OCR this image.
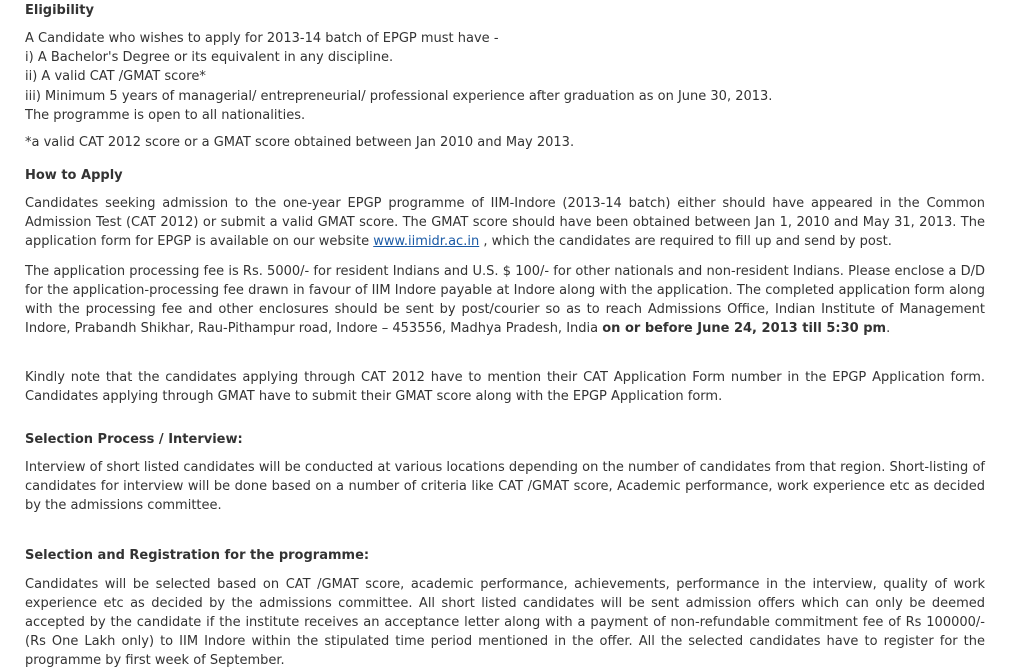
Eligibility
A Candidate who wishes to apply for 2013-14 batch of EPGP must have -
i) A Bachelor's Degree or its equivalent in any discipline.
ii) A valid CAT /GMAT score*
iii) Minimum 5 years of managerial/ entrepreneurial/ professional experience after graduation as on June 30, 2013.
The programme is open to all nationalities.
*a valid CAT 2012 score or a GMAT score obtained between Jan 2010 and May 2013.
How to Apply

Candidates seeking admission to the one-year EPGP programme of IIM-Indore (2013-14 batch) either should have appeared in the Common Admission Test (CAT 2012) or submit a valid GMAT score. The GMAT score should have been obtained between Jan 1, 2010 and May 31, 2013. The application form for EPGP is available on our website www.iimidr.ac.in , which the candidates are required to fill up and send by post.

The application processing fee is Rs. 5000/- for resident Indians and U.S. $ 100/- for other nationals and non-resident Indians. Please enclose a D/D for the application-processing fee drawn in favour of IIM Indore payable at Indore along with the application. The completed application form along with the processing fee and other enclosures should be sent by post/courier so as to reach Admissions Office, Indian Institute of Management Indore, Prabandh Shikhar, Rau-Pithampur road, Indore – 453556, Madhya Pradesh, India on or before June 24, 2013 till 5:30 pm.

Kindly note that the candidates applying through CAT 2012 have to mention their CAT Application Form number in the EPGP Application form. Candidates applying through GMAT have to submit their GMAT score along with the EPGP Application form.

Selection Process / Interview:

Interview of short listed candidates will be conducted at various locations depending on the number of candidates from that region. Short-listing of candidates for interview will be done based on a number of criteria like CAT /GMAT score, Academic performance, work experience etc as decided by the admissions committee.

Selection and Registration for the programme:

Candidates will be selected based on CAT /GMAT score, academic performance, achievements, performance in the interview, quality of work experience etc as decided by the admissions committee. All short listed candidates will be sent admission offers which can only be deemed accepted by the candidate if the institute receives an acceptance letter along with a payment of non-refundable commitment fee of Rs 100000/- (Rs One Lakh only) to IIM Indore within the stipulated time period mentioned in the offer. All the selected candidates have to register for the programme by first week of September.
